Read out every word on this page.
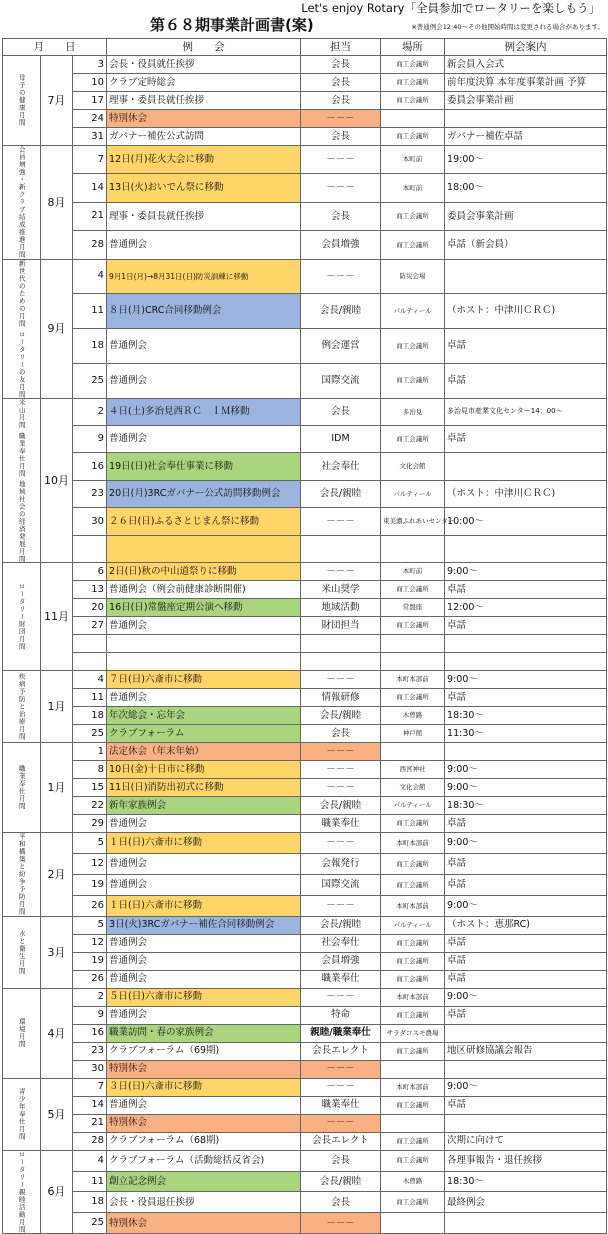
Let's enjoy Rotary「全員参加でロータリーを楽しもう」
第６８期事業計画書(案)	※普通例会12:40～その他開始時間は変更される場合があります。
月　　日			例　　会	担当	場所	例会案内
母子の健康月間	7月	3	会長・役員就任挨拶	会長	商工会議所	新会員入会式
		10	クラブ定時総会	会長	商工会議所	前年度決算 本年度事業計画 予算
		17	理事・委員長就任挨拶	会長	商工会議所	委員会事業計画
		24	特別休会	－－－		
		31	ガバナー補佐公式訪問	会長	商工会議所	ガバナー補佐卓話
会員増強・新クラブ結成推進月間	8月	7	12日(月)花火大会に移動	－－－	本町前	19:00～
		14	13日(火)おいでん祭に移動	－－－	本町前	18:00～
		21	理事・委員長就任挨拶	会長	商工会議所	委員会事業計画
		28	普通例会	会員増強	商工会議所	卓話（新会員）
新世代のための月間 ロータリーの友月間	9月	4	9月1日(月)→8月31日(日)防災訓練に移動	－－－	防災会場	
		11	８日(月)CRC合同移動例会	会長/親睦	パルティール	（ホスト：中津川ＣＲＣ)
		18	普通例会	例会運営	商工会議所	卓話
		25	普通例会	国際交流	商工会議所	卓話
米山月間 職業奉仕月間 地域社会の経済発展月間	10月	2	４日(土)多治見西ＲＣ　ＩＭ移動	会長	多治見	多治見市産業文化センター14：00～
		9	普通例会	IDM	商工会議所	卓話
		16	19日(日)社会奉仕事業に移動	社会奉仕	文化会館	
		23	20日(月)3RCガバナー公式訪問移動例会	会長/親睦	パルティール	（ホスト：中津川ＣＲＣ)
		30	２６日(日)ふるさとじまん祭に移動	－－－	東美濃ふれあいセンター	10:00～

ロータリー財団月間	11月	6	2日(日)秋の中山道祭りに移動	－－－	本町前	9:00～
		13	普通例会（例会前健康診断開催)	米山奨学	商工会議所	卓話
		20	16日(日)常盤座定期公演へ移動	地域活動	常盤座	12:00～
		27	普通例会	財団担当	商工会議所	卓話

疾病予防と治療月間	1月	4	７日(日)六斎市に移動	－－－	本町本部前	9:00～
		11	普通例会	情報研修	商工会議所	卓話
		18	年次総会・忘年会	会長/親睦	木曽路	18:30～
		25	クラブフォーラム	会長	神戸館	11:30～
職業奉仕月間	1月	1	法定休会（年末年始）	－－－		
		8	10日(金)十日市に移動	－－－	西宮神社	9:00～
		15	11日(日)消防出初式に移動	－－－	文化会館	9:00～
		22	新年家族例会	会長/親睦	パルティール	18:30～
		29	普通例会	職業奉仕	商工会議所	卓話
平和構築と紛争予防月間	2月	5	１日(日)六斎市に移動	－－－	本町本部前	9:00～
		12	普通例会	会報発行	商工会議所	卓話
		19	普通例会	国際交流	商工会議所	卓話
		26	１日(日)六斎市に移動	－－－	本町本部前	9:00～
水と衛生月間	3月	5	3日(火)3RCガバナー補佐合同移動例会	会長/親睦	パルティール	（ホスト：恵那RC)
		12	普通例会	社会奉仕	商工会議所	卓話
		19	普通例会	会員増強	商工会議所	卓話
		26	普通例会	職業奉仕	商工会議所	卓話
環境月間	4月	2	５日(日)六斎市に移動	－－－	本町本部前	9:00～
		9	普通例会	特命	商工会議所	卓話
		16	職業訪問・春の家族例会	親睦/職業奉仕	サラダコスモ農場	
		23	クラブフォーラム（69期)	会長エレクト	商工会議所	地区研修協議会報告
		30	特別休会	－－－		
青少年奉仕月間	5月	7	３日(日)六斎市に移動	－－－	本町本部前	9:00～
		14	普通例会	職業奉仕	商工会議所	卓話
		21	特別休会	－－－		
		28	クラブフォーラム（68期)	会長エレクト	商工会議所	次期に向けて
ロータリー親睦活動月間	6月	4	クラブフォーラム（活動総括反省会)	会長	商工会議所	各理事報告・退任挨拶
		11	創立記念例会	会長/親睦	木曽路	18:30～
		18	会長・役員退任挨拶	会長	商工会議所	最終例会
		25	特別休会	－－－		
